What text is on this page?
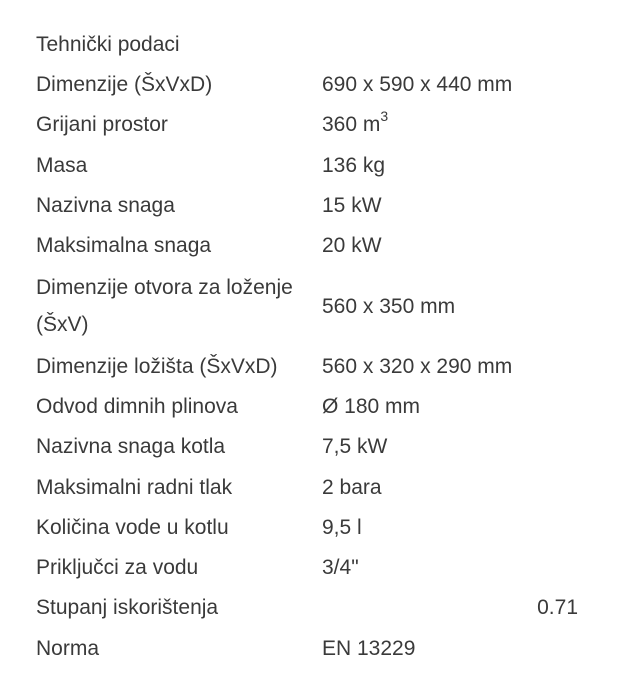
Tehnički podaci
Dimenzije (ŠxVxD)	690 x 590 x 440 mm
Grijani prostor	360 $m^3$
Masa	136 kg
Nazivna snaga	15 kW
Maksimalna snaga	20 kW
Dimenzije otvora za loženje (ŠxV)	560 x 350 mm
Dimenzije ložišta (ŠxVxD)	560 x 320 x 290 mm
Odvod dimnih plinova	Ø 180 mm
Nazivna snaga kotla	7,5 kW
Maksimalni radni tlak	2 bara
Količina vode u kotlu	9,5 l
Priključci za vodu	3/4"
Stupanj iskorištenja	0.71
Norma	EN 13229
